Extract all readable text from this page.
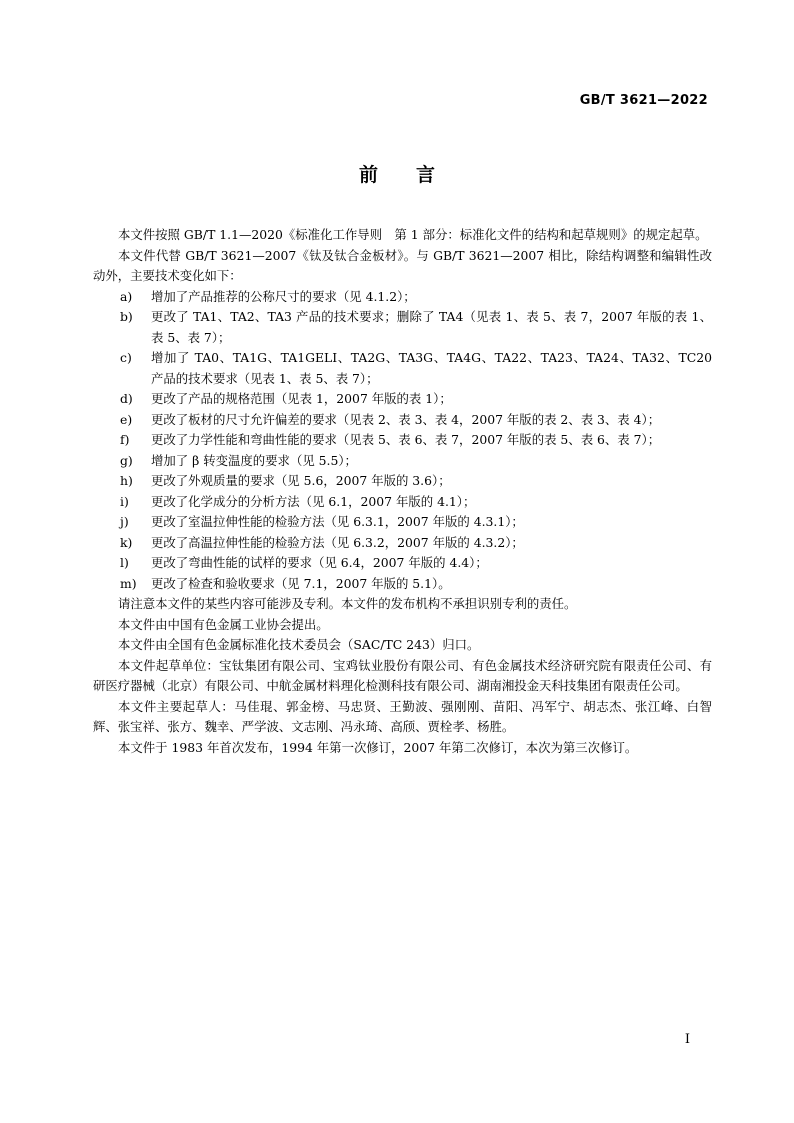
GB/T 3621—2022
前 言

本文件按照 GB/T 1.1—2020《标准化工作导则　第 1 部分：标准化文件的结构和起草规则》的规定起草。

本文件代替 GB/T 3621—2007《钛及钛合金板材》。与 GB/T 3621—2007 相比，除结构调整和编辑性改动外，主要技术变化如下：

a) 增加了产品推荐的公称尺寸的要求（见 4.1.2）；

b) 更改了 TA1、TA2、TA3 产品的技术要求；删除了 TA4（见表 1、表 5、表 7，2007 年版的表 1、表 5、表 7）；

c) 增加了 TA0、TA1G、TA1GELI、TA2G、TA3G、TA4G、TA22、TA23、TA24、TA32、TC20 产品的技术要求（见表 1、表 5、表 7）；

d) 更改了产品的规格范围（见表 1，2007 年版的表 1）；

e) 更改了板材的尺寸允许偏差的要求（见表 2、表 3、表 4，2007 年版的表 2、表 3、表 4）；

f) 更改了力学性能和弯曲性能的要求（见表 5、表 6、表 7，2007 年版的表 5、表 6、表 7）；

g) 增加了 β 转变温度的要求（见 5.5）；

h) 更改了外观质量的要求（见 5.6，2007 年版的 3.6）；

i) 更改了化学成分的分析方法（见 6.1，2007 年版的 4.1）；

j) 更改了室温拉伸性能的检验方法（见 6.3.1，2007 年版的 4.3.1）；

k) 更改了高温拉伸性能的检验方法（见 6.3.2，2007 年版的 4.3.2）；

l) 更改了弯曲性能的试样的要求（见 6.4，2007 年版的 4.4）；

m) 更改了检查和验收要求（见 7.1，2007 年版的 5.1）。

请注意本文件的某些内容可能涉及专利。本文件的发布机构不承担识别专利的责任。

本文件由中国有色金属工业协会提出。

本文件由全国有色金属标准化技术委员会（SAC/TC 243）归口。

本文件起草单位：宝钛集团有限公司、宝鸡钛业股份有限公司、有色金属技术经济研究院有限责任公司、有研医疗器械（北京）有限公司、中航金属材料理化检测科技有限公司、湖南湘投金天科技集团有限责任公司。

本文件主要起草人：马佳琨、郭金榜、马忠贤、王勤波、强刚刚、苗阳、冯军宁、胡志杰、张江峰、白智辉、张宝祥、张方、魏幸、严学波、文志刚、冯永琦、高颀、贾栓孝、杨胜。

本文件于 1983 年首次发布，1994 年第一次修订，2007 年第二次修订，本次为第三次修订。

I
